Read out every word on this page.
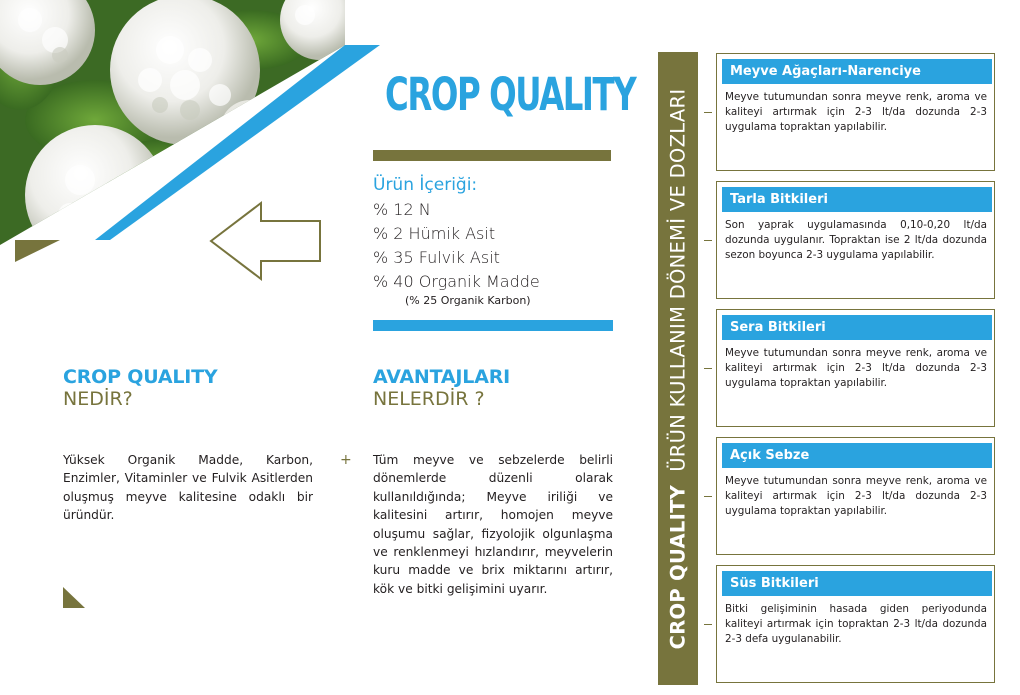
CROP QUALITY
Ürün İçeriği:
% 12 N
% 2 Hümik Asit
% 35 Fulvik Asit
% 40 Organik Madde
(% 25 Organik Karbon)
CROP QUALITY
NEDİR?
Yüksek Organik Madde, Karbon, Enzimler, Vitaminler ve Fulvik Asitlerden oluşmuş meyve kalitesine odaklı bir üründür.
+
AVANTAJLARI
NELERDİR ?
Tüm meyve ve sebzelerde belirli dönemlerde düzenli olarak kullanıldığında; Meyve iriliği ve kalitesini artırır, homojen meyve oluşumu sağlar, fizyolojik olgunlaşma ve renklenmeyi hızlandırır, meyvelerin kuru madde ve brix miktarını artırır, kök ve bitki gelişimini uyarır.	CROP QUALITY  ÜRÜN KULLANIM DÖNEMİ VE DOZLARI
Meyve Ağaçları-Narenciye
Meyve tutumundan sonra meyve renk, aroma ve kaliteyi artırmak için 2-3 lt/da dozunda 2-3 uygulama topraktan yapılabilir.
Tarla Bitkileri
Son yaprak uygulamasında 0,10-0,20 lt/da dozunda uygulanır. Topraktan ise 2 lt/da dozunda sezon boyunca 2-3 uygulama yapılabilir.
Sera Bitkileri
Meyve tutumundan sonra meyve renk, aroma ve kaliteyi artırmak için 2-3 lt/da dozunda 2-3 uygulama topraktan yapılabilir.
Açık Sebze
Meyve tutumundan sonra meyve renk, aroma ve kaliteyi artırmak için 2-3 lt/da dozunda 2-3 uygulama topraktan yapılabilir.
Süs Bitkileri
Bitki gelişiminin hasada giden periyodunda kaliteyi artırmak için topraktan 2-3 lt/da dozunda 2-3 defa uygulanabilir.
